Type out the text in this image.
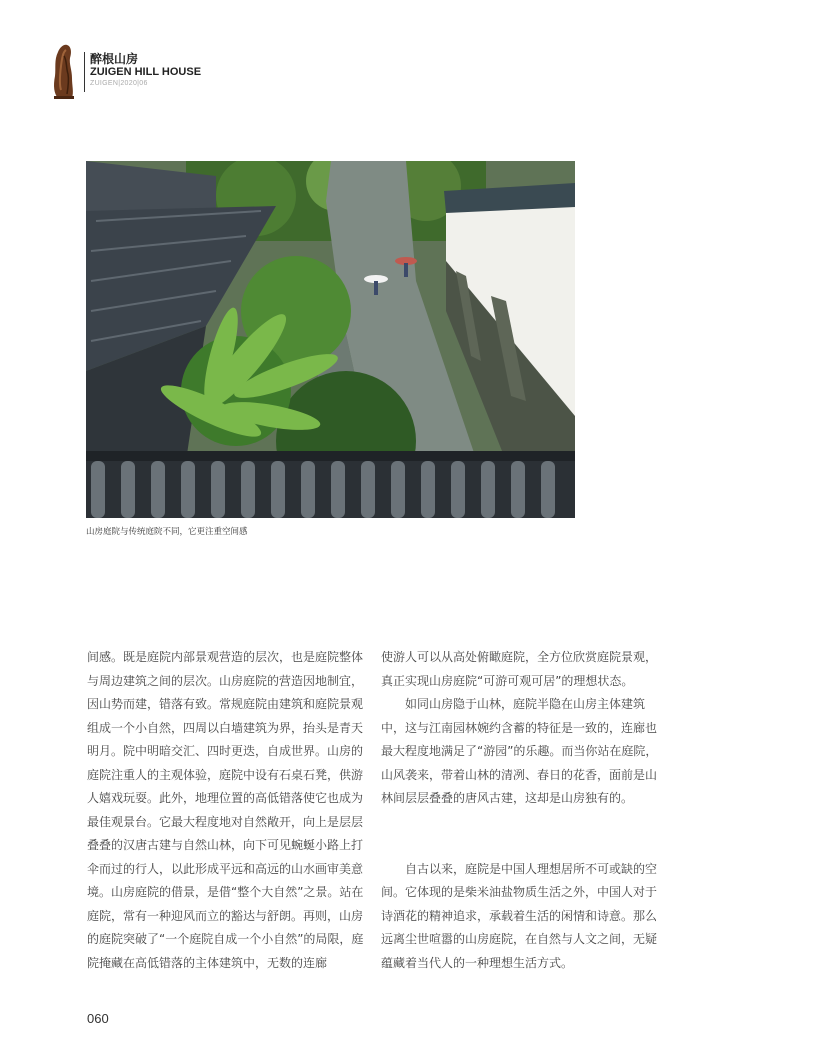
醉根山房
ZUIGEN HILL HOUSE
ZUIGEN|2020|06
山房庭院与传统庭院不同，它更注重空间感

间感。既是庭院内部景观营造的层次，也是庭院整体与周边建筑之间的层次。山房庭院的营造因地制宜，因山势而建，错落有致。常规庭院由建筑和庭院景观组成一个小自然，四周以白墙建筑为界，抬头是青天明月。院中明暗交汇、四时更迭，自成世界。山房的庭院注重人的主观体验，庭院中设有石桌石凳，供游人嬉戏玩耍。此外，地理位置的高低错落使它也成为最佳观景台。它最大程度地对自然敞开，向上是层层叠叠的汉唐古建与自然山林，向下可见蜿蜒小路上打伞而过的行人，以此形成平远和高远的山水画审美意境。山房庭院的借景，是借“整个大自然”之景。站在庭院，常有一种迎风而立的豁达与舒朗。再则，山房的庭院突破了“一个庭院自成一个小自然”的局限，庭院掩藏在高低错落的主体建筑中，无数的连廊

使游人可以从高处俯瞰庭院，全方位欣赏庭院景观，真正实现山房庭院“可游可观可居”的理想状态。

如同山房隐于山林，庭院半隐在山房主体建筑中，这与江南园林婉约含蓄的特征是一致的，连廊也最大程度地满足了“游园”的乐趣。而当你站在庭院，山风袭来，带着山林的清冽、春日的花香，面前是山林间层层叠叠的唐风古建，这却是山房独有的。

自古以来，庭院是中国人理想居所不可或缺的空间。它体现的是柴米油盐物质生活之外，中国人对于诗酒花的精神追求，承载着生活的闲情和诗意。那么远离尘世喧嚣的山房庭院，在自然与人文之间，无疑蕴藏着当代人的一种理想生活方式。

060
